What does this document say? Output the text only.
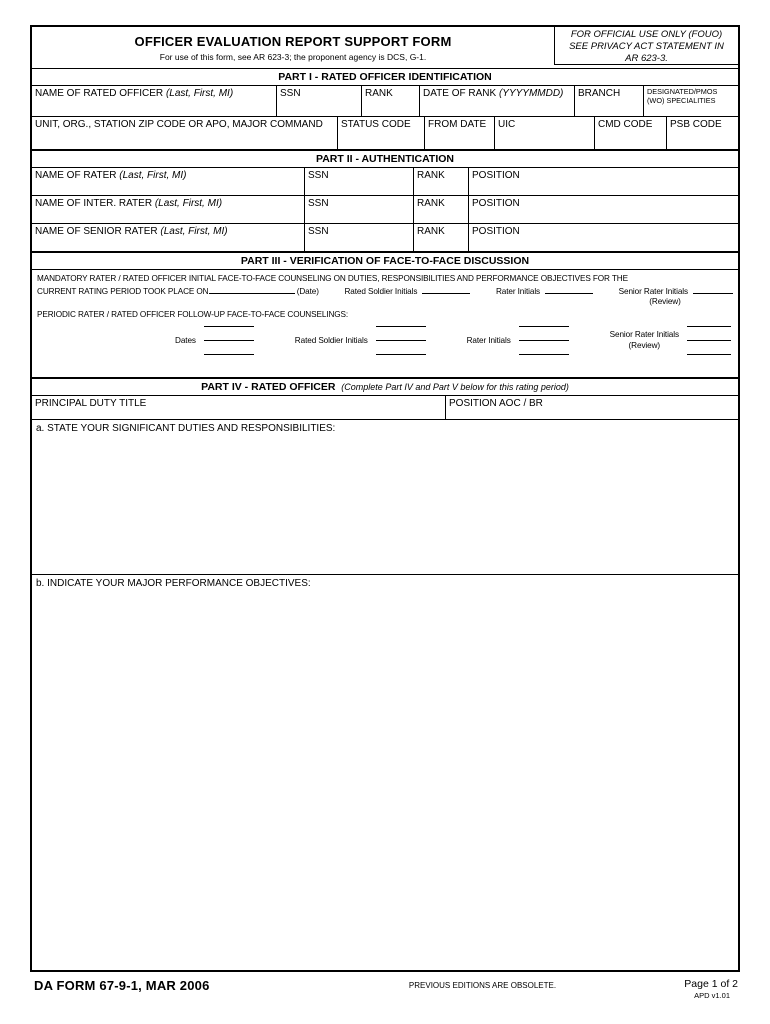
OFFICER EVALUATION REPORT SUPPORT FORM
For use of this form, see AR 623-3; the proponent agency is DCS, G-1.
FOR OFFICIAL USE ONLY (FOUO)
SEE PRIVACY ACT STATEMENT IN
AR 623-3.
PART I - RATED OFFICER IDENTIFICATION
NAME OF RATED OFFICER (Last, First, MI)	SSN	RANK	DATE OF RANK (YYYYMMDD)	BRANCH	DESIGNATED/PMOS
(WO) SPECIALITIES
UNIT, ORG., STATION ZIP CODE OR APO, MAJOR COMMAND	STATUS CODE	FROM DATE	UIC	CMD CODE	PSB CODE
PART II - AUTHENTICATION
NAME OF RATER (Last, First, MI)	SSN	RANK	POSITION
NAME OF INTER. RATER (Last, First, MI)	SSN	RANK	POSITION
NAME OF SENIOR RATER (Last, First, MI)	SSN	RANK	POSITION
PART III - VERIFICATION OF FACE-TO-FACE DISCUSSION
MANDATORY RATER / RATED OFFICER INITIAL FACE-TO-FACE COUNSELING ON DUTIES, RESPONSIBILITIES AND PERFORMANCE OBJECTIVES FOR THE
CURRENT RATING PERIOD TOOK PLACE ON	(Date)	Rated Soldier Initials	Rater Initials	Senior Rater Initials
(Review)
PERIODIC RATER / RATED OFFICER FOLLOW-UP FACE-TO-FACE COUNSELINGS:
Dates	Rated Soldier Initials	Rater Initials
Senior Rater Initials
(Review)
PART IV - RATED OFFICER (Complete Part IV and Part V below for this rating period)
PRINCIPAL DUTY TITLE	POSITION AOC / BR
a. STATE YOUR SIGNIFICANT DUTIES AND RESPONSIBILITIES:
b. INDICATE YOUR MAJOR PERFORMANCE OBJECTIVES:
DA FORM 67-9-1, MAR 2006	PREVIOUS EDITIONS ARE OBSOLETE.	Page 1 of 2
APD v1.01
